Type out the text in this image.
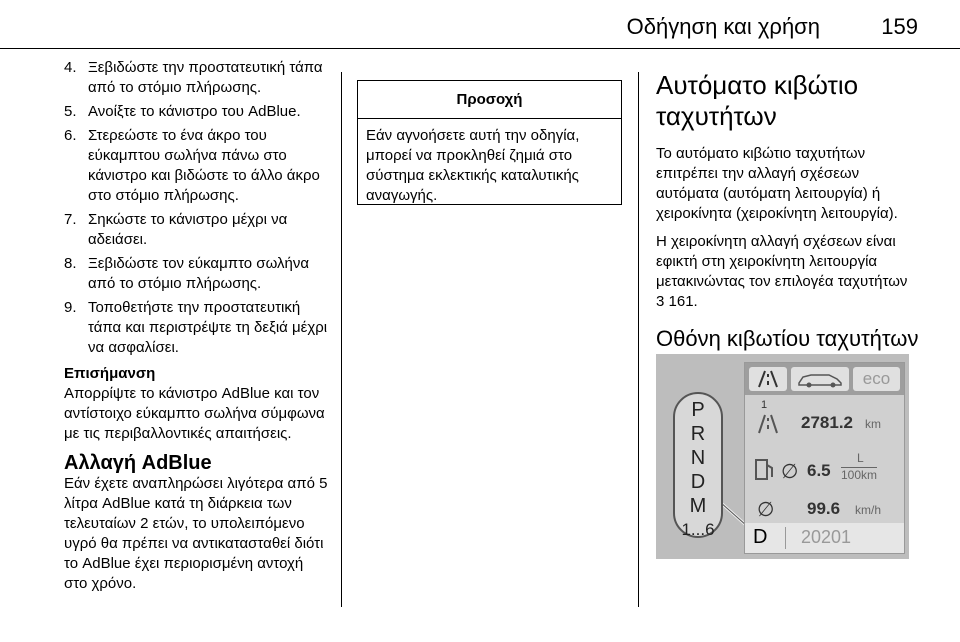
Οδήγηση και χρήση	159
4. Ξεβιδώστε την προστατευτική τάπα από το στόμιο πλήρωσης.
5. Ανοίξτε το κάνιστρο του AdBlue.
6. Στερεώστε το ένα άκρο του εύκαμπτου σωλήνα πάνω στο κάνιστρο και βιδώστε το άλλο άκρο στο στόμιο πλήρωσης.
7. Σηκώστε το κάνιστρο μέχρι να αδειάσει.
8. Ξεβιδώστε τον εύκαμπτο σωλήνα από το στόμιο πλήρωσης.
9. Τοποθετήστε την προστατευτική τάπα και περιστρέψτε τη δεξιά μέχρι να ασφαλίσει.
Επισήμανση
Απορρίψτε το κάνιστρο AdBlue και τον αντίστοιχο εύκαμπτο σωλήνα σύμφωνα με τις περιβαλλοντικές απαιτήσεις.
Αλλαγή AdBlue
Εάν έχετε αναπληρώσει λιγότερα από 5 λίτρα AdBlue κατά τη διάρκεια των τελευταίων 2 ετών, το υπολειπόμενο υγρό θα πρέπει να αντικατασταθεί διότι το AdBlue έχει περιορισμένη αντοχή στο χρόνο.
Προσοχή
Εάν αγνοήσετε αυτή την οδηγία, μπορεί να προκληθεί ζημιά στο σύστημα εκλεκτικής καταλυτικής αναγωγής.
Αυτόματο κιβώτιο ταχυτήτων
Το αυτόματο κιβώτιο ταχυτήτων επιτρέπει την αλλαγή σχέσεων αυτόματα (αυτόματη λειτουργία) ή χειροκίνητα (χειροκίνητη λειτουργία).
Η χειροκίνητη αλλαγή σχέσεων είναι εφικτή στη χειροκίνητη λειτουργία μετακινώντας τον επιλογέα ταχυτήτων
3 161.
Οθόνη κιβωτίου ταχυτήτων
P
R
N
D
M
1...6
eco
1
2781.2 km
∅ 6.5
L
100km
∅ 99.6 km/h
D 20201
